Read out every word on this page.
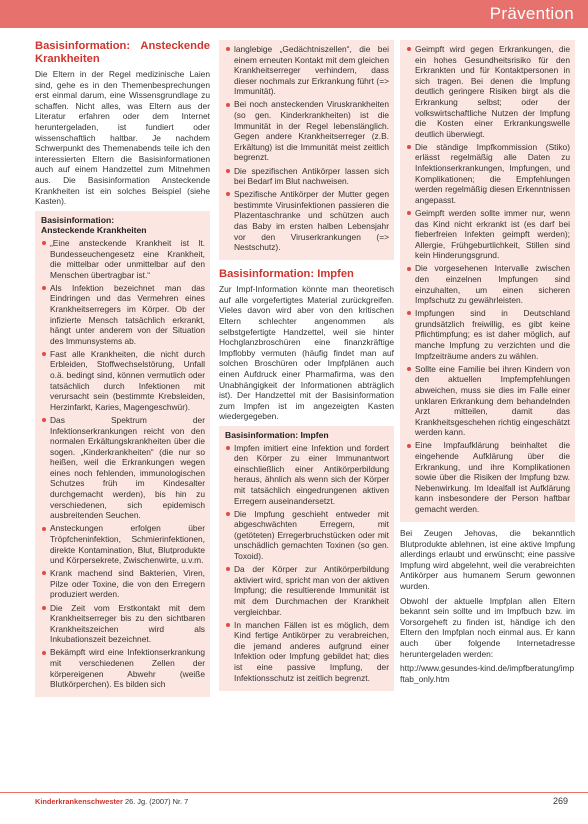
Prävention
Basisinformation: Ansteckende Krankheiten

Die Eltern in der Regel medizinische Laien sind, gehe es in den Themenbesprechungen erst einmal darum, eine Wissensgrundlage zu schaffen. Nicht alles, was Eltern aus der Literatur erfahren oder dem Internet heruntergeladen, ist fundiert oder wissenschaftlich haltbar. Je nachdem Schwerpunkt des Themenabends teile ich den interessierten Eltern die Basisinformationen auch auf einem Handzettel zum Mitnehmen aus. Die Basisinformation Ansteckende Krankheiten ist ein solches Beispiel (siehe Kasten).

Basisinformation:
Ansteckende Krankheiten
„Eine ansteckende Krankheit ist lt. Bundesseuchengesetz eine Krankheit, die mittelbar oder unmittelbar auf den Menschen übertragbar ist.“
Als Infektion bezeichnet man das Eindringen und das Vermehren eines Krankheitserregers im Körper. Ob der infizierte Mensch tatsächlich erkrankt, hängt unter anderem von der Situation des Immunsystems ab.
Fast alle Krankheiten, die nicht durch Erbleiden, Stoffwechselstörung, Unfall o.ä. bedingt sind, können vermutlich oder tatsächlich durch Infektionen mit verursacht sein (bestimmte Krebsleiden, Herzinfarkt, Karies, Magengeschwür).
Das Spektrum der Infektionserkrankungen reicht von den normalen Erkältungskrankheiten über die sogen. „Kinderkrankheiten“ (die nur so heißen, weil die Erkrankungen wegen eines noch fehlenden, immunologischen Schutzes früh im Kindesalter durchgemacht werden), bis hin zu verschiedenen, sich epidemisch ausbreitenden Seuchen.
Ansteckungen erfolgen über Tröpfcheninfektion, Schmierinfektionen, direkte Kontamination, Blut, Blutprodukte und Körpersekrete, Zwischenwirte, u.v.m.
Krank machend sind Bakterien, Viren, Pilze oder Toxine, die von den Erregern produziert werden.
Die Zeit vom Erstkontakt mit dem Krankheitserreger bis zu den sichtbaren Krankheitszeichen wird als Inkubationszeit bezeichnet.
Bekämpft wird eine Infektionserkrankung mit verschiedenen Zellen der körpereigenen Abwehr (weiße Blutkörperchen). Es bilden sich
langlebige „Gedächtniszellen“, die bei einem erneuten Kontakt mit dem gleichen Krankheitserreger verhindern, dass dieser nochmals zur Erkrankung führt (=> Immunität).
Bei noch ansteckenden Viruskrankheiten (so gen. Kinderkrankheiten) ist die Immunität in der Regel lebenslänglich. Gegen andere Krankheitserreger (z.B. Erkältung) ist die Immunität meist zeitlich begrenzt.
Die spezifischen Antikörper lassen sich bei Bedarf im Blut nachweisen.
Spezifische Antikörper der Mutter gegen bestimmte Virusinfektionen passieren die Plazentaschranke und schützen auch das Baby im ersten halben Lebensjahr vor den Viruserkrankungen (=> Nestschutz).
Basisinformation: Impfen

Zur Impf-Information könnte man theoretisch auf alle vorgefertigtes Material zurückgreifen. Vieles davon wird aber von den kritischen Eltern schlechter angenommen als selbstgefertigte Handzettel, weil sie hinter Hochglanzbroschüren eine finanzkräftige Impflobby vermuten (häufig findet man auf solchen Broschüren oder Impfplänen auch einen Aufdruck einer Pharmafirma, was den Unabhängigkeit der Informationen abträglich ist). Der Handzettel mit der Basisinformation zum Impfen ist im angezeigten Kasten wiedergegeben.

Basisinformation: Impfen
Impfen imitiert eine Infektion und fordert den Körper zu einer Immunantwort einschließlich einer Antikörperbildung heraus, ähnlich als wenn sich der Körper mit tatsächlich eingedrungenen aktiven Erregern auseinandersetzt.
Die Impfung geschieht entweder mit abgeschwächten Erregern, mit (getöteten) Erregerbruchstücken oder mit unschädlich gemachten Toxinen (so gen. Toxoid).
Da der Körper zur Antikörperbildung aktiviert wird, spricht man von der aktiven Impfung; die resultierende Immunität ist mit dem Durchmachen der Krankheit vergleichbar.
In manchen Fällen ist es möglich, dem Kind fertige Antikörper zu verabreichen, die jemand anderes aufgrund einer Infektion oder Impfung gebildet hat; dies ist eine passive Impfung, der Infektionsschutz ist zeitlich begrenzt.
Geimpft wird gegen Erkrankungen, die ein hohes Gesundheitsrisiko für den Erkrankten und für Kontaktpersonen in sich tragen. Bei denen die Impfung deutlich geringere Risiken birgt als die Erkrankung selbst; oder der volkswirtschaftliche Nutzen der Impfung die Kosten einer Erkrankungswelle deutlich überwiegt.
Die ständige Impfkommission (Stiko) erlässt regelmäßig alle Daten zu Infektionserkrankungen, Impfungen, und Komplikationen; die Empfehlungen werden regelmäßig diesen Erkenntnissen angepasst.
Geimpft werden sollte immer nur, wenn das Kind nicht erkrankt ist (es darf bei fieberfreien Infekten geimpft werden); Allergie, Frühgeburtlichkeit, Stillen sind kein Hinderungsgrund.
Die vorgesehenen Intervalle zwischen den einzelnen Impfungen sind einzuhalten, um einen sicheren Impfschutz zu gewährleisten.
Impfungen sind in Deutschland grundsätzlich freiwillig, es gibt keine Pflichtimpfung; es ist daher möglich, auf manche Impfung zu verzichten und die Impfzeiträume anders zu wählen.
Sollte eine Familie bei ihren Kindern von den aktuellen Impfempfehlungen abweichen, muss sie dies im Falle einer unklaren Erkrankung dem behandelnden Arzt mitteilen, damit das Krankheitsgeschehen richtig eingeschätzt werden kann.
Eine Impfaufklärung beinhaltet die eingehende Aufklärung über die Erkrankung, und ihre Komplikationen sowie über die Risiken der Impfung bzw. Nebenwirkung. Im Idealfall ist Aufklärung kann insbesondere der Person haftbar gemacht werden.

Bei Zeugen Jehovas, die bekanntlich Blutprodukte ablehnen, ist eine aktive Impfung allerdings erlaubt und erwünscht; eine passive Impfung wird abgelehnt, weil die verabreichten Antikörper aus humanem Serum gewonnen wurden.

Obwohl der aktuelle Impfplan allen Eltern bekannt sein sollte und im Impfbuch bzw. im Vorsorgeheft zu finden ist, händige ich den Eltern den Impfplan noch einmal aus. Er kann auch über folgende Internetadresse heruntergeladen werden:

http://www.gesundes-kind.de/impfberatung/impftab_only.htm

Kinderkrankenschwester 26. Jg. (2007) Nr. 7	269
